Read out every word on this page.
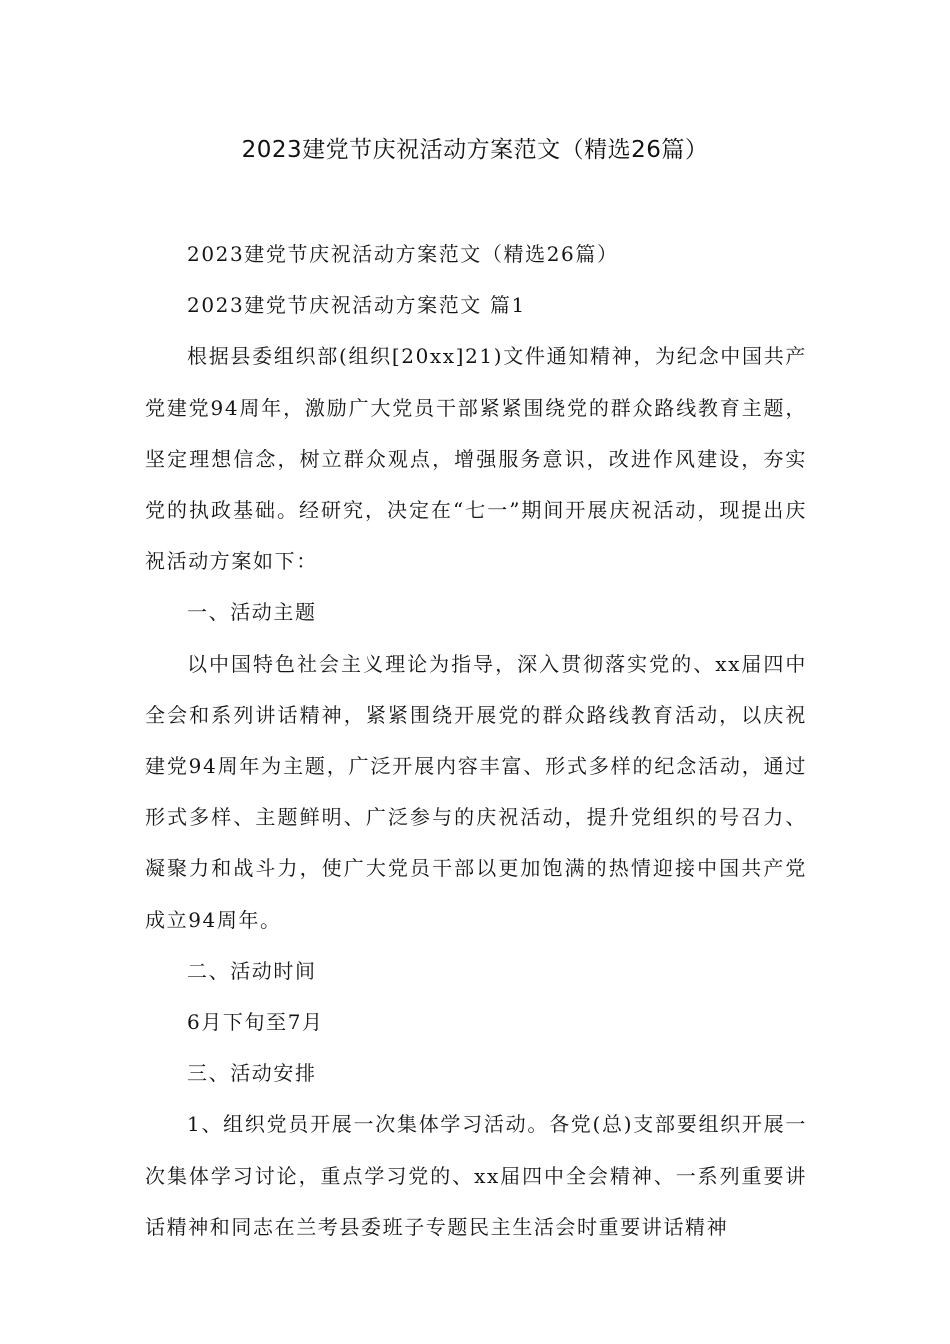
2023建党节庆祝活动方案范文（精选26篇）

2023建党节庆祝活动方案范文（精选26篇）

2023建党节庆祝活动方案范文 篇1

根据县委组织部(组织[20xx]21)文件通知精神，为纪念中国共产党建党94周年，激励广大党员干部紧紧围绕党的群众路线教育主题，坚定理想信念，树立群众观点，增强服务意识，改进作风建设，夯实党的执政基础。经研究，决定在“七一”期间开展庆祝活动，现提出庆祝活动方案如下：

一、活动主题

以中国特色社会主义理论为指导，深入贯彻落实党的、xx届四中全会和系列讲话精神，紧紧围绕开展党的群众路线教育活动，以庆祝建党94周年为主题，广泛开展内容丰富、形式多样的纪念活动，通过形式多样、主题鲜明、广泛参与的庆祝活动，提升党组织的号召力、凝聚力和战斗力，使广大党员干部以更加饱满的热情迎接中国共产党成立94周年。

二、活动时间

6月下旬至7月

三、活动安排

1、组织党员开展一次集体学习活动。各党(总)支部要组织开展一次集体学习讨论，重点学习党的、xx届四中全会精神、一系列重要讲话精神和同志在兰考县委班子专题民主生活会时重要讲话精神
